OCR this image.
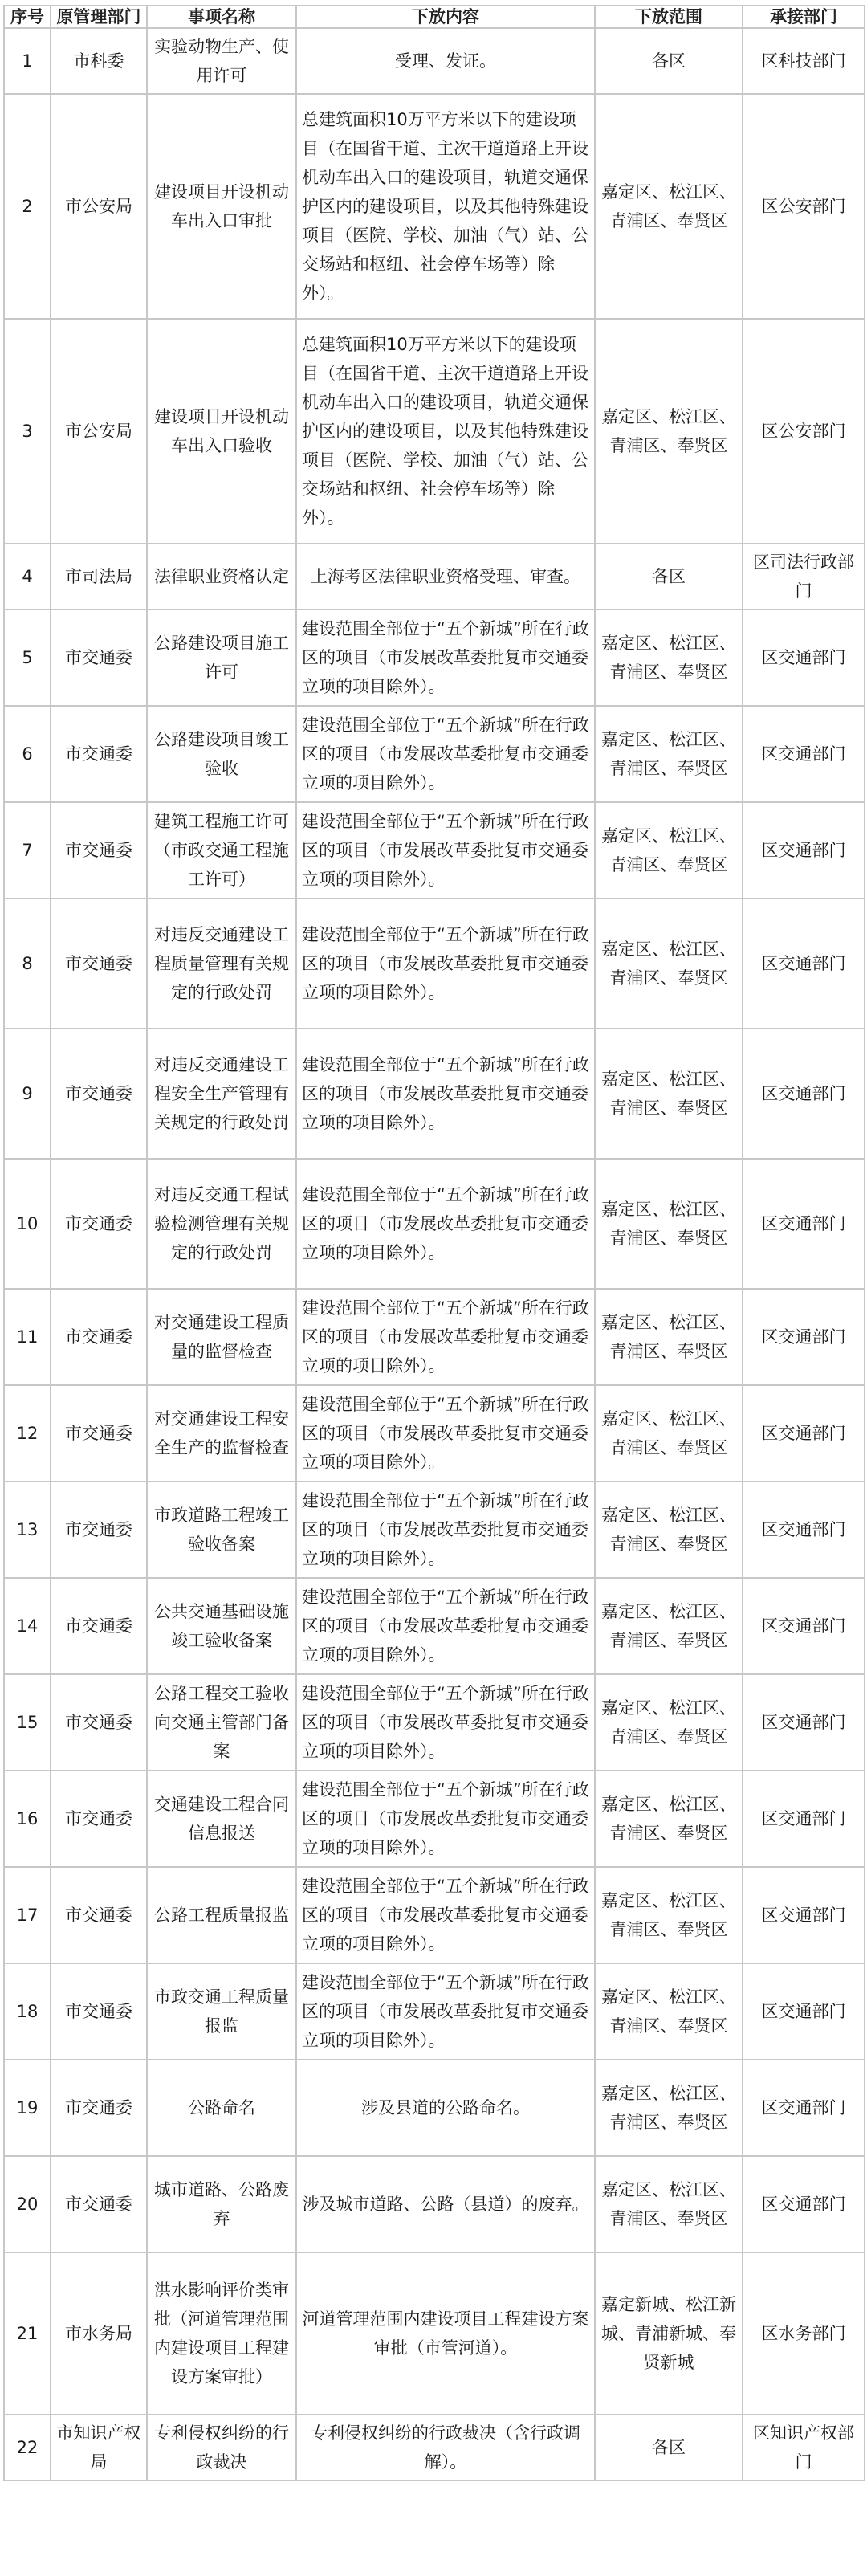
序号	原管理部门	事项名称	下放内容	下放范围	承接部门
1	市科委	实验动物生产、使用许可	受理、发证。	各区	区科技部门
2	市公安局	建设项目开设机动车出入口审批	总建筑面积10万平方米以下的建设项目（在国省干道、主次干道道路上开设机动车出入口的建设项目，轨道交通保护区内的建设项目，以及其他特殊建设项目（医院、学校、加油（气）站、公交场站和枢纽、社会停车场等）除外）。	嘉定区、松江区、青浦区、奉贤区	区公安部门
3	市公安局	建设项目开设机动车出入口验收	总建筑面积10万平方米以下的建设项目（在国省干道、主次干道道路上开设机动车出入口的建设项目，轨道交通保护区内的建设项目，以及其他特殊建设项目（医院、学校、加油（气）站、公交场站和枢纽、社会停车场等）除外）。	嘉定区、松江区、青浦区、奉贤区	区公安部门
4	市司法局	法律职业资格认定	上海考区法律职业资格受理、审查。	各区	区司法行政部门
5	市交通委	公路建设项目施工许可	建设范围全部位于“五个新城”所在行政区的项目（市发展改革委批复市交通委立项的项目除外）。	嘉定区、松江区、青浦区、奉贤区	区交通部门
6	市交通委	公路建设项目竣工验收	建设范围全部位于“五个新城”所在行政区的项目（市发展改革委批复市交通委立项的项目除外）。	嘉定区、松江区、青浦区、奉贤区	区交通部门
7	市交通委	建筑工程施工许可（市政交通工程施工许可）	建设范围全部位于“五个新城”所在行政区的项目（市发展改革委批复市交通委立项的项目除外）。	嘉定区、松江区、青浦区、奉贤区	区交通部门
8	市交通委	对违反交通建设工程质量管理有关规定的行政处罚	建设范围全部位于“五个新城”所在行政区的项目（市发展改革委批复市交通委立项的项目除外）。	嘉定区、松江区、青浦区、奉贤区	区交通部门
9	市交通委	对违反交通建设工程安全生产管理有关规定的行政处罚	建设范围全部位于“五个新城”所在行政区的项目（市发展改革委批复市交通委立项的项目除外）。	嘉定区、松江区、青浦区、奉贤区	区交通部门
10	市交通委	对违反交通工程试验检测管理有关规定的行政处罚	建设范围全部位于“五个新城”所在行政区的项目（市发展改革委批复市交通委立项的项目除外）。	嘉定区、松江区、青浦区、奉贤区	区交通部门
11	市交通委	对交通建设工程质量的监督检查	建设范围全部位于“五个新城”所在行政区的项目（市发展改革委批复市交通委立项的项目除外）。	嘉定区、松江区、青浦区、奉贤区	区交通部门
12	市交通委	对交通建设工程安全生产的监督检查	建设范围全部位于“五个新城”所在行政区的项目（市发展改革委批复市交通委立项的项目除外）。	嘉定区、松江区、青浦区、奉贤区	区交通部门
13	市交通委	市政道路工程竣工验收备案	建设范围全部位于“五个新城”所在行政区的项目（市发展改革委批复市交通委立项的项目除外）。	嘉定区、松江区、青浦区、奉贤区	区交通部门
14	市交通委	公共交通基础设施竣工验收备案	建设范围全部位于“五个新城”所在行政区的项目（市发展改革委批复市交通委立项的项目除外）。	嘉定区、松江区、青浦区、奉贤区	区交通部门
15	市交通委	公路工程交工验收向交通主管部门备案	建设范围全部位于“五个新城”所在行政区的项目（市发展改革委批复市交通委立项的项目除外）。	嘉定区、松江区、青浦区、奉贤区	区交通部门
16	市交通委	交通建设工程合同信息报送	建设范围全部位于“五个新城”所在行政区的项目（市发展改革委批复市交通委立项的项目除外）。	嘉定区、松江区、青浦区、奉贤区	区交通部门
17	市交通委	公路工程质量报监	建设范围全部位于“五个新城”所在行政区的项目（市发展改革委批复市交通委立项的项目除外）。	嘉定区、松江区、青浦区、奉贤区	区交通部门
18	市交通委	市政交通工程质量报监	建设范围全部位于“五个新城”所在行政区的项目（市发展改革委批复市交通委立项的项目除外）。	嘉定区、松江区、青浦区、奉贤区	区交通部门
19	市交通委	公路命名	涉及县道的公路命名。	嘉定区、松江区、青浦区、奉贤区	区交通部门
20	市交通委	城市道路、公路废弃	涉及城市道路、公路（县道）的废弃。	嘉定区、松江区、青浦区、奉贤区	区交通部门
21	市水务局	洪水影响评价类审批（河道管理范围内建设项目工程建设方案审批）	河道管理范围内建设项目工程建设方案审批（市管河道）。	嘉定新城、松江新城、青浦新城、奉贤新城	区水务部门
22	市知识产权局	专利侵权纠纷的行政裁决	专利侵权纠纷的行政裁决（含行政调解）。	各区	区知识产权部门
